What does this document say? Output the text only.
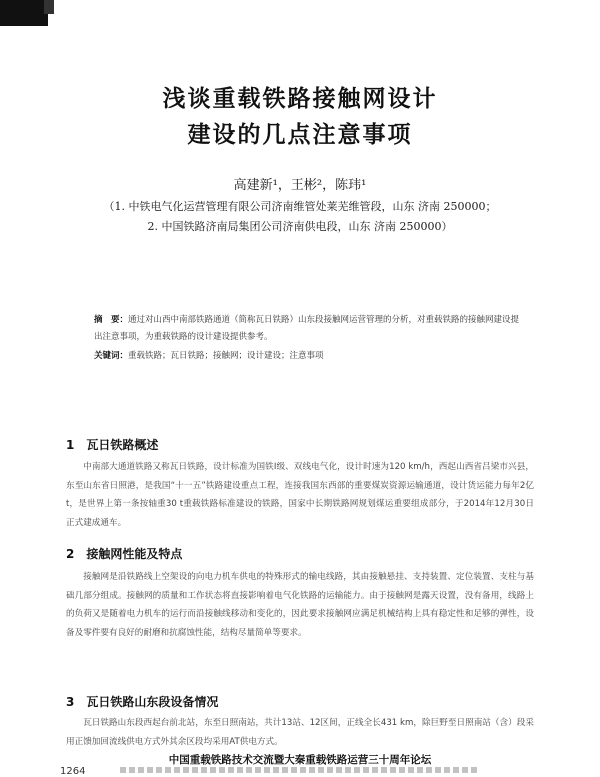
浅谈重载铁路接触网设计
建设的几点注意事项
高建新¹，王彬²，陈玮¹
（1. 中铁电气化运营管理有限公司济南维管处莱芜维管段，山东 济南 250000；
2. 中国铁路济南局集团公司济南供电段，山东 济南 250000）
摘　要：通过对山西中南部铁路通道（简称瓦日铁路）山东段接触网运营管理的分析，对重载铁路的接触网建设提出注意事项，为重载铁路的设计建设提供参考。
关键词：重载铁路；瓦日铁路；接触网；设计建设；注意事项
1　瓦日铁路概述
中南部大通道铁路又称瓦日铁路，设计标准为国铁Ⅰ级、双线电气化，设计时速为120 km/h，西起山西省吕梁市兴县，东至山东省日照港，是我国“十一五”铁路建设重点工程，连接我国东西部的重要煤炭资源运输通道，设计货运能力每年2亿t，是世界上第一条按轴重30 t重载铁路标准建设的铁路，国家中长期铁路网规划煤运重要组成部分，于2014年12月30日正式建成通车。
2　接触网性能及特点
接触网是沿铁路线上空架设的向电力机车供电的特殊形式的输电线路，其由接触悬挂、支持装置、定位装置、支柱与基础几部分组成。接触网的质量和工作状态将直接影响着电气化铁路的运输能力。由于接触网是露天设置，没有备用，线路上的负荷又是随着电力机车的运行而沿接触线移动和变化的，因此要求接触网应满足机械结构上具有稳定性和足够的弹性，设备及零件要有良好的耐磨和抗腐蚀性能，结构尽量简单等要求。
3　瓦日铁路山东段设备情况
瓦日铁路山东段西起台前北站，东至日照南站，共计13站、12区间，正线全长431 km，除巨野至日照南站（含）段采用正馈加回流线供电方式外其余区段均采用AT供电方式。
中国重载铁路技术交流暨大秦重载铁路运营三十周年论坛
1264
